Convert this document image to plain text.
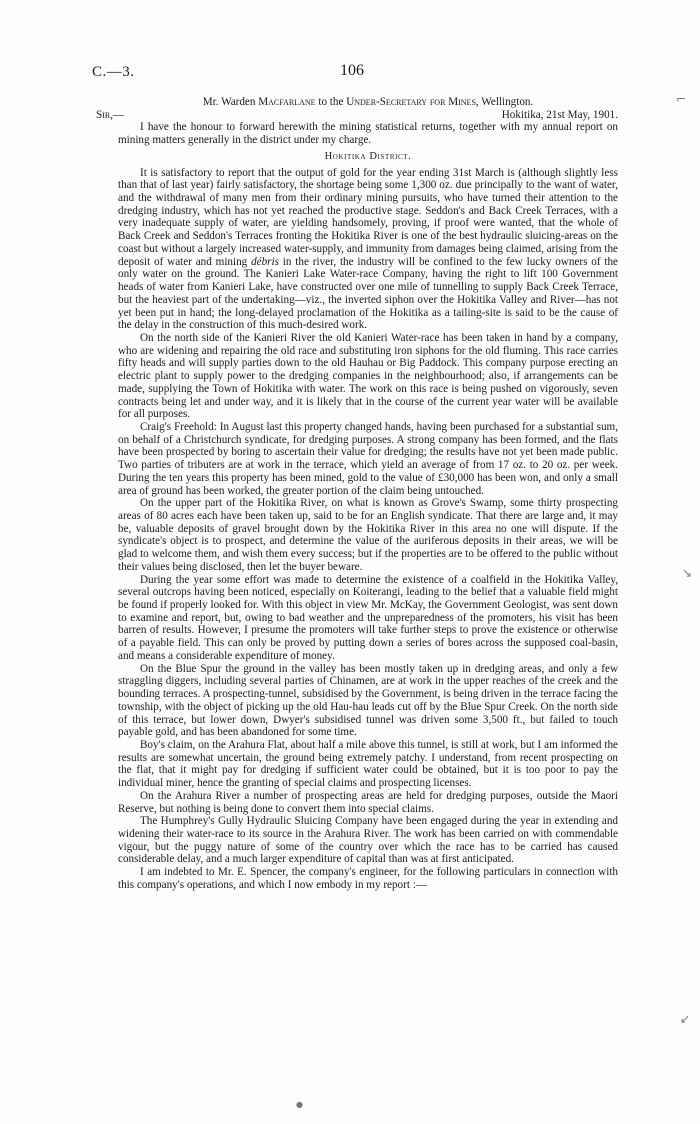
C.—3.	106
⌐
↘
↙

Mr. Warden Macfarlane to the Under-Secretary for Mines, Wellington.

Sir,—	Hokitika, 21st May, 1901.

I have the honour to forward herewith the mining statistical returns, together with my annual report on mining matters generally in the district under my charge.

Hokitika District.

It is satisfactory to report that the output of gold for the year ending 31st March is (although slightly less than that of last year) fairly satisfactory, the shortage being some 1,300 oz. due principally to the want of water, and the withdrawal of many men from their ordinary mining pursuits, who have turned their attention to the dredging industry, which has not yet reached the productive stage. Seddon's and Back Creek Terraces, with a very inadequate supply of water, are yielding handsomely, proving, if proof were wanted, that the whole of Back Creek and Seddon's Terraces fronting the Hokitika River is one of the best hydraulic sluicing-areas on the coast but without a largely increased water-supply, and immunity from damages being claimed, arising from the deposit of water and mining débris in the river, the industry will be confined to the few lucky owners of the only water on the ground. The Kanieri Lake Water-race Company, having the right to lift 100 Government heads of water from Kanieri Lake, have constructed over one mile of tunnelling to supply Back Creek Terrace, but the heaviest part of the undertaking—viz., the inverted siphon over the Hokitika Valley and River—has not yet been put in hand; the long-delayed proclamation of the Hokitika as a tailing-site is said to be the cause of the delay in the construction of this much-desired work.

On the north side of the Kanieri River the old Kanieri Water-race has been taken in hand by a company, who are widening and repairing the old race and substituting iron siphons for the old fluming. This race carries fifty heads and will supply parties down to the old Hauhau or Big Paddock. This company purpose erecting an electric plant to supply power to the dredging companies in the neighbourhood; also, if arrangements can be made, supplying the Town of Hokitika with water. The work on this race is being pushed on vigorously, seven contracts being let and under way, and it is likely that in the course of the current year water will be available for all purposes.

Craig's Freehold: In August last this property changed hands, having been purchased for a substantial sum, on behalf of a Christchurch syndicate, for dredging purposes. A strong company has been formed, and the flats have been prospected by boring to ascertain their value for dredging; the results have not yet been made public. Two parties of tributers are at work in the terrace, which yield an average of from 17 oz. to 20 oz. per week. During the ten years this property has been mined, gold to the value of £30,000 has been won, and only a small area of ground has been worked, the greater portion of the claim being untouched.

On the upper part of the Hokitika River, on what is known as Grove's Swamp, some thirty prospecting areas of 80 acres each have been taken up, said to be for an English syndicate. That there are large and, it may be, valuable deposits of gravel brought down by the Hokitika River in this area no one will dispute. If the syndicate's object is to prospect, and determine the value of the auriferous deposits in their areas, we will be glad to welcome them, and wish them every success; but if the properties are to be offered to the public without their values being disclosed, then let the buyer beware.

During the year some effort was made to determine the existence of a coalfield in the Hokitika Valley, several outcrops having been noticed, especially on Koiterangi, leading to the belief that a valuable field might be found if properly looked for. With this object in view Mr. McKay, the Government Geologist, was sent down to examine and report, but, owing to bad weather and the unpreparedness of the promoters, his visit has been barren of results. However, I presume the promoters will take further steps to prove the existence or otherwise of a payable field. This can only be proved by putting down a series of bores across the supposed coal-basin, and means a considerable expenditure of money.

On the Blue Spur the ground in the valley has been mostly taken up in dredging areas, and only a few straggling diggers, including several parties of Chinamen, are at work in the upper reaches of the creek and the bounding terraces. A prospecting-tunnel, subsidised by the Government, is being driven in the terrace facing the township, with the object of picking up the old Hau-hau leads cut off by the Blue Spur Creek. On the north side of this terrace, but lower down, Dwyer's subsidised tunnel was driven some 3,500 ft., but failed to touch payable gold, and has been abandoned for some time.

Boy's claim, on the Arahura Flat, about half a mile above this tunnel, is still at work, but I am informed the results are somewhat uncertain, the ground being extremely patchy. I understand, from recent prospecting on the flat, that it might pay for dredging if sufficient water could be obtained, but it is too poor to pay the individual miner, hence the granting of special claims and prospecting licenses.

On the Arahura River a number of prospecting areas are held for dredging purposes, outside the Maori Reserve, but nothing is being done to convert them into special claims.

The Humphrey's Gully Hydraulic Sluicing Company have been engaged during the year in extending and widening their water-race to its source in the Arahura River. The work has been carried on with commendable vigour, but the puggy nature of some of the country over which the race has to be carried has caused considerable delay, and a much larger expenditure of capital than was at first anticipated.

I am indebted to Mr. E. Spencer, the company's engineer, for the following particulars in connection with this company's operations, and which I now embody in my report :—

●
